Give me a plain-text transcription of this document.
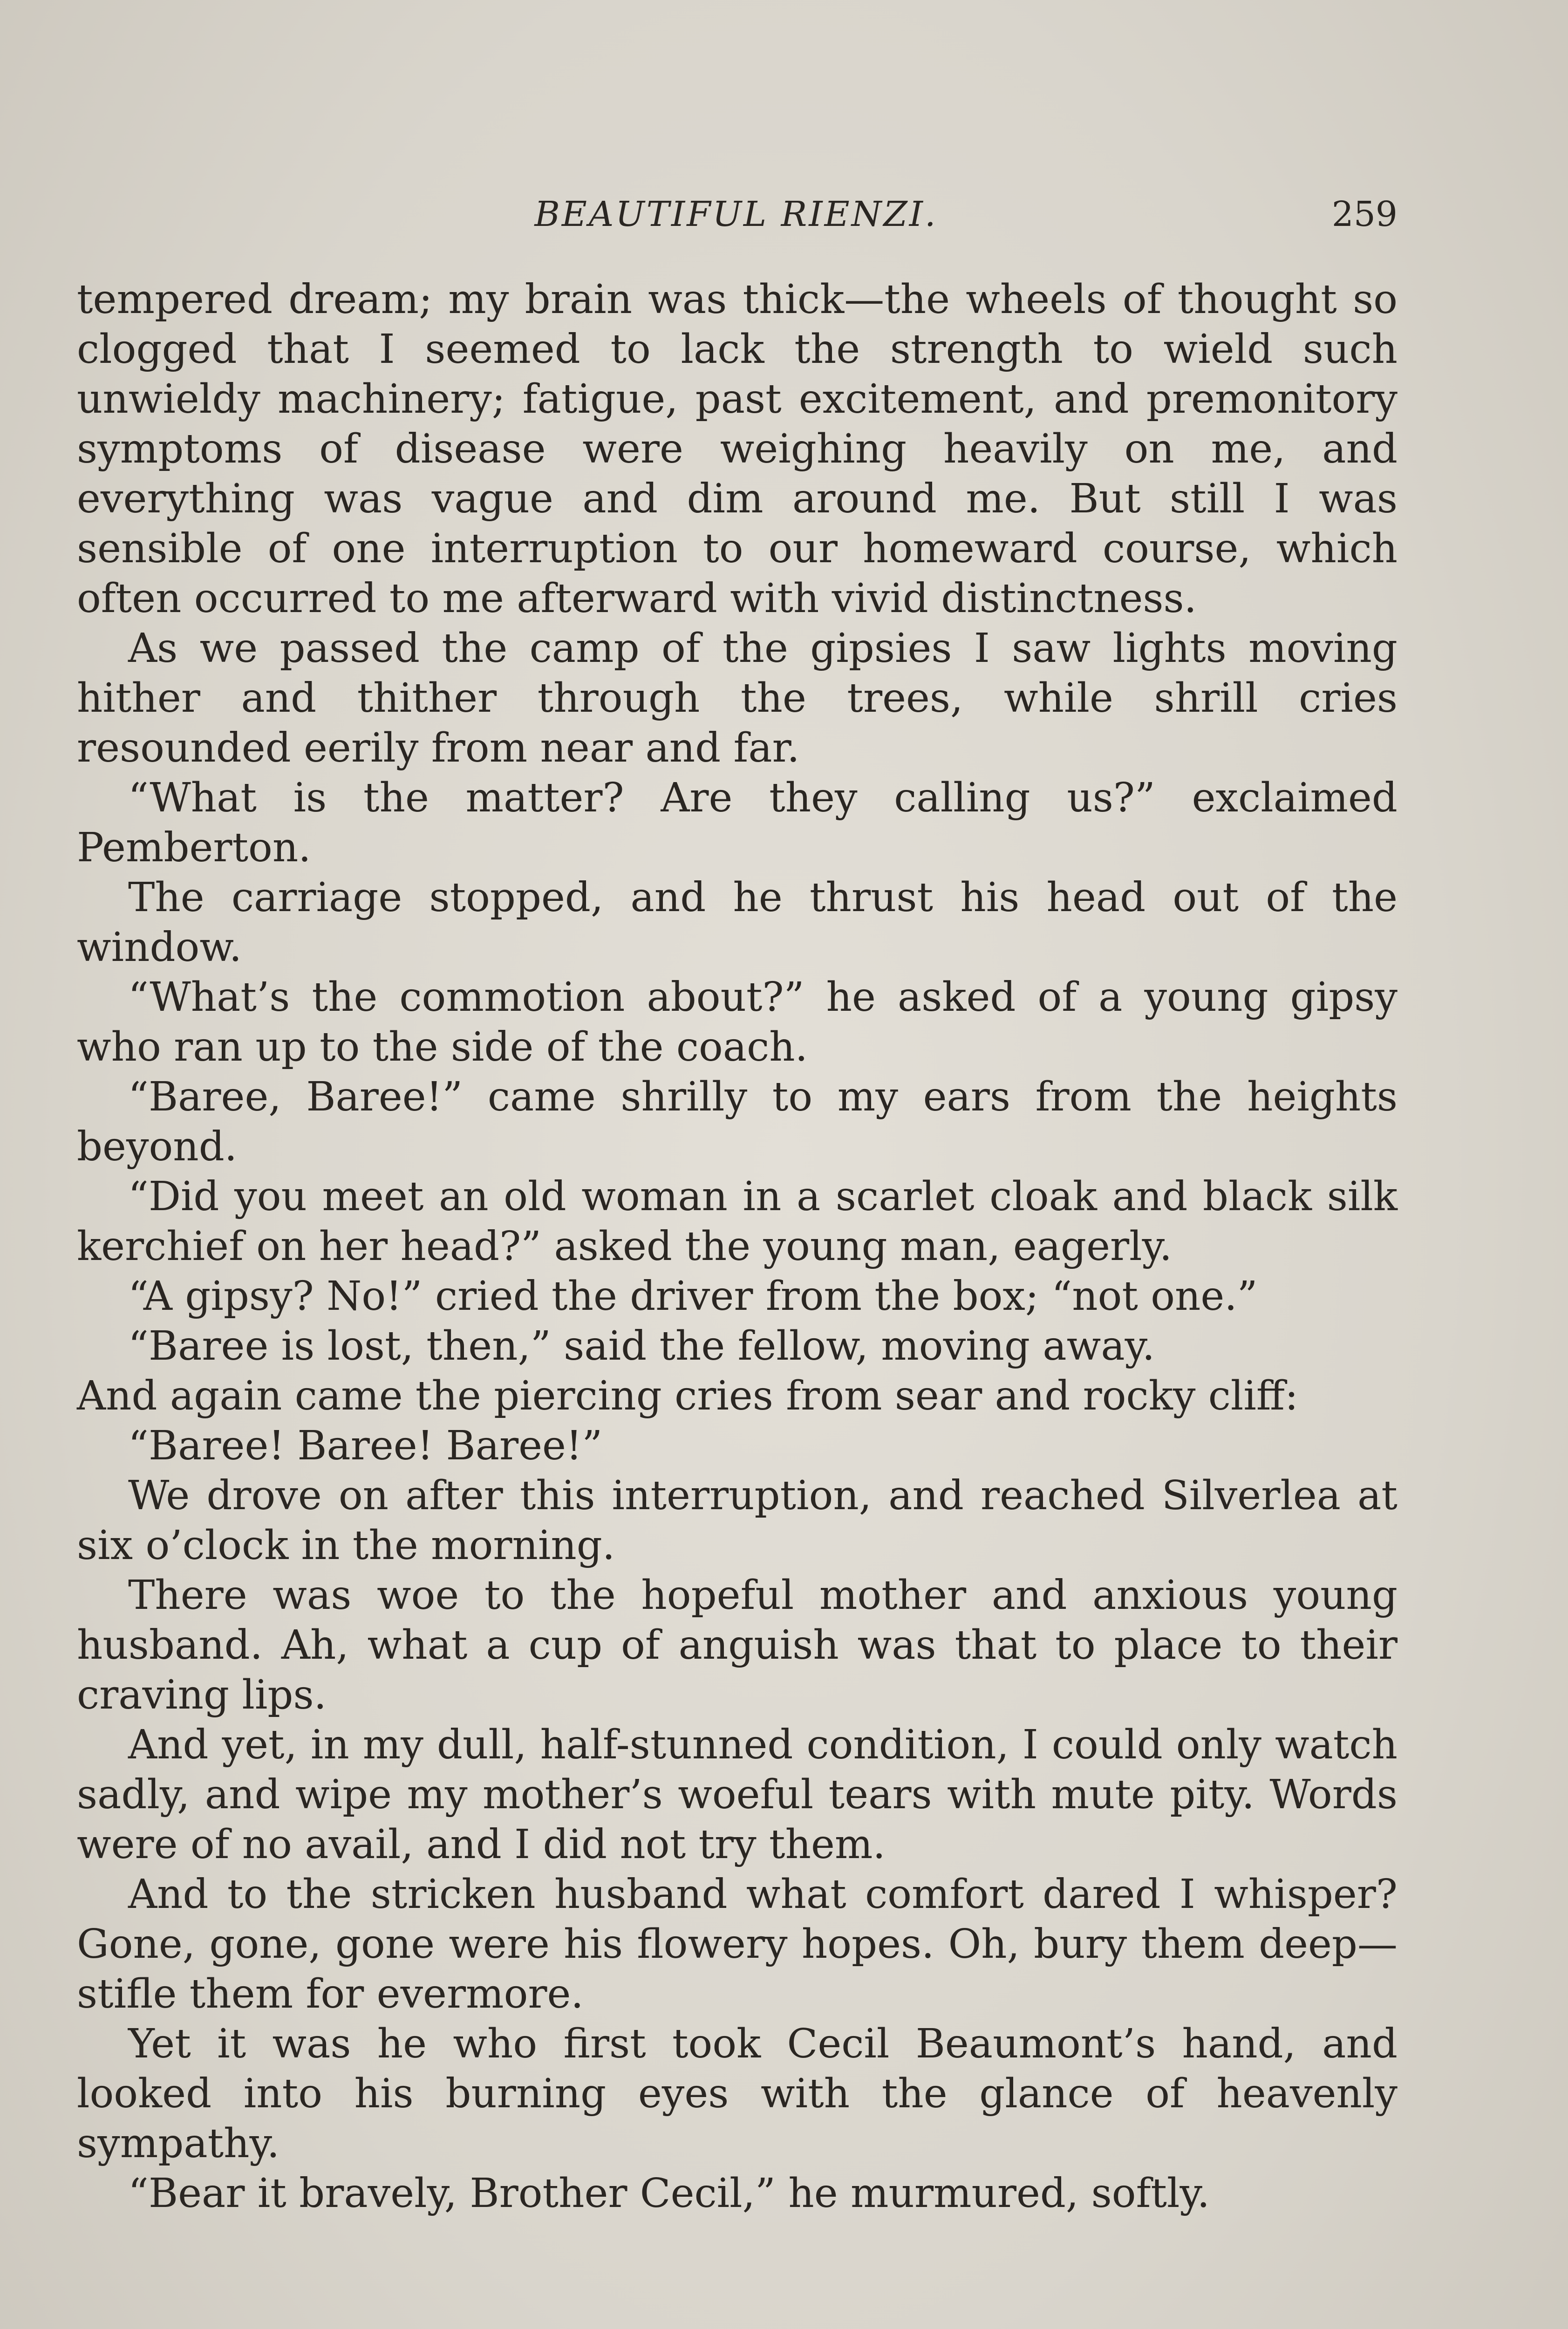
BEAUTIFUL RIENZI.	259

tempered dream; my brain was thick—the wheels of thought so clogged that I seemed to lack the strength to wield such unwieldy machinery; fatigue, past excitement, and premonitory symptoms of disease were weighing heavily on me, and everything was vague and dim around me. But still I was sensible of one interruption to our homeward course, which often occurred to me afterward with vivid distinctness.

As we passed the camp of the gipsies I saw lights moving hither and thither through the trees, while shrill cries resounded eerily from near and far.

“What is the matter? Are they calling us?” exclaimed Pemberton.

The carriage stopped, and he thrust his head out of the window.

“What’s the commotion about?” he asked of a young gipsy who ran up to the side of the coach.

“Baree, Baree!” came shrilly to my ears from the heights beyond.

“Did you meet an old woman in a scarlet cloak and black silk kerchief on her head?” asked the young man, eagerly.

“A gipsy? No!” cried the driver from the box; “not one.”

“Baree is lost, then,” said the fellow, moving away.

And again came the piercing cries from sear and rocky cliff:

“Baree! Baree! Baree!”

We drove on after this interruption, and reached Silverlea at six o’clock in the morning.

There was woe to the hopeful mother and anxious young husband. Ah, what a cup of anguish was that to place to their craving lips.

And yet, in my dull, half-stunned condition, I could only watch sadly, and wipe my mother’s woeful tears with mute pity. Words were of no avail, and I did not try them.

And to the stricken husband what comfort dared I whisper? Gone, gone, gone were his flowery hopes. Oh, bury them deep—stifle them for evermore.

Yet it was he who first took Cecil Beaumont’s hand, and looked into his burning eyes with the glance of heavenly sympathy.

“Bear it bravely, Brother Cecil,” he murmured, softly.
